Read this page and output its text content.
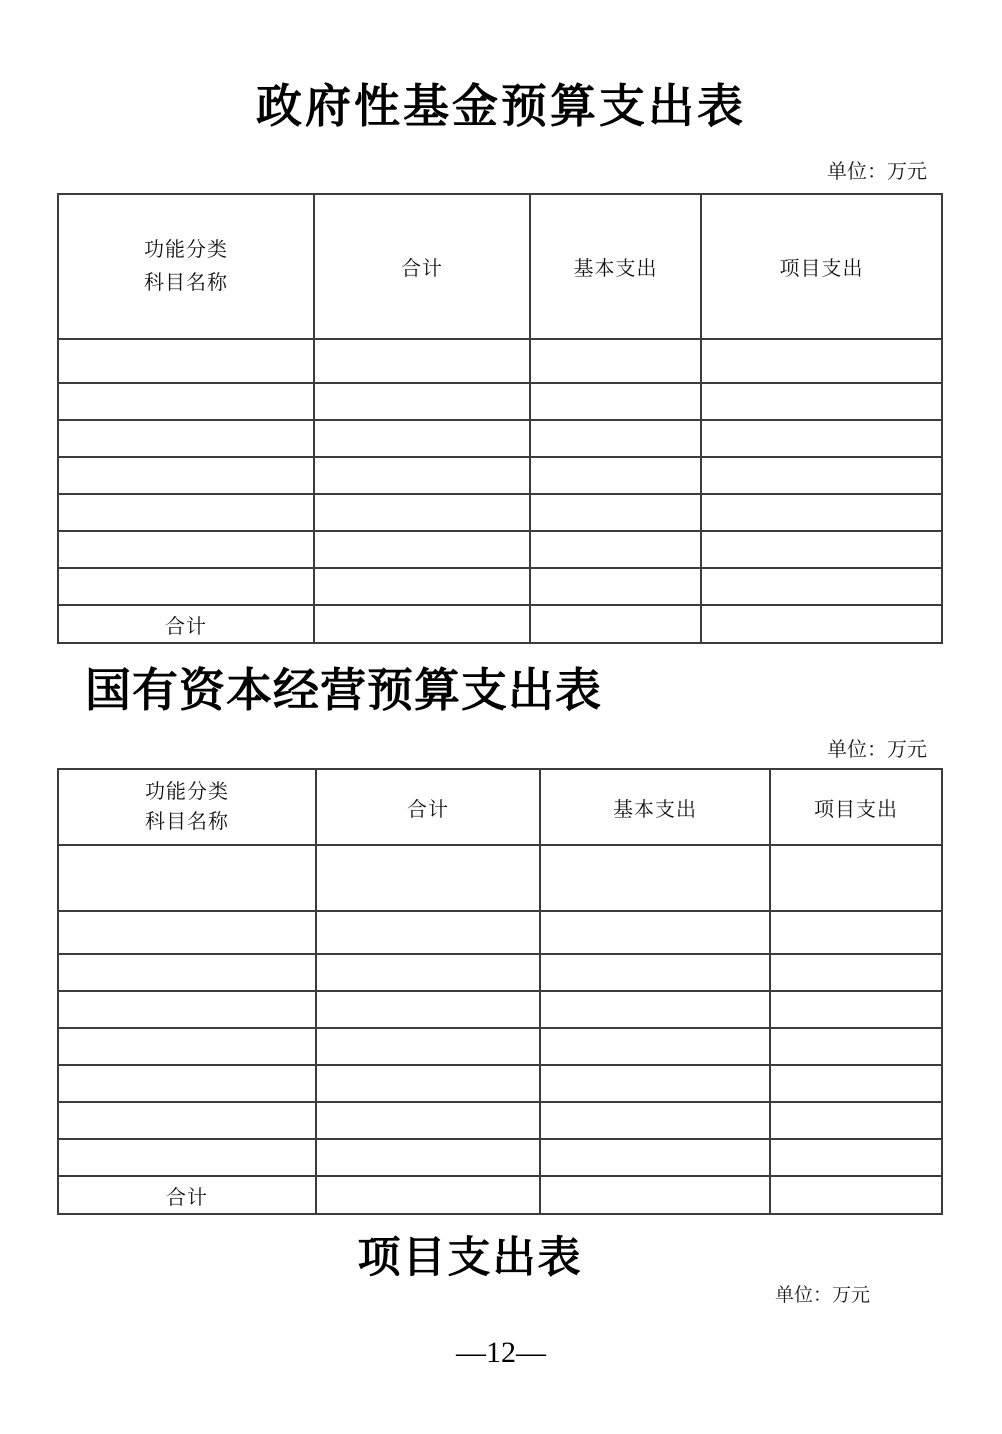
政府性基金预算支出表
单位：万元
功能分类
科目名称	合计	基本支出	项目支出

合计			
国有资本经营预算支出表
单位：万元
功能分类
科目名称	合计	基本支出	项目支出

合计			
项目支出表
单位：万元
—12—
